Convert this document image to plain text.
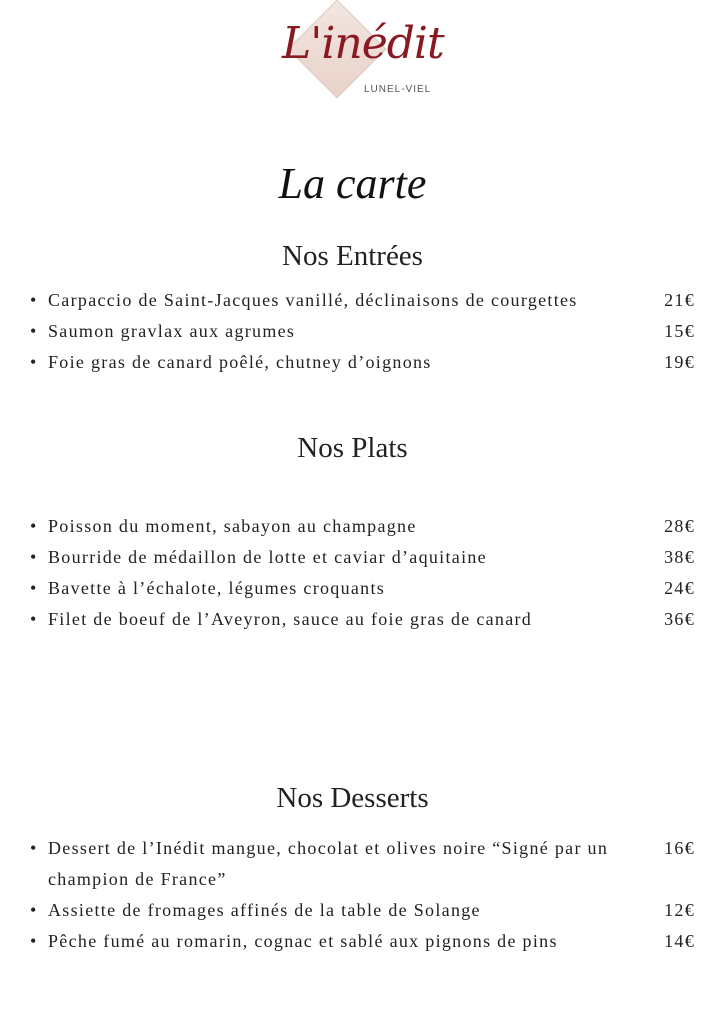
L'inédit
LUNEL-VIEL
La carte
Nos Entrées
• Carpaccio de Saint-Jacques vanillé, déclinaisons de courgettes	21€
• Saumon gravlax aux agrumes	15€
• Foie gras de canard poêlé, chutney d’oignons	19€
Nos Plats
• Poisson du moment, sabayon au champagne	28€
• Bourride de médaillon de lotte et caviar d’aquitaine	38€
• Bavette à l’échalote, légumes croquants	24€
• Filet de boeuf de l’Aveyron, sauce au foie gras de canard	36€
Nos Desserts
• Dessert de l’Inédit mangue, chocolat et olives noire “Signé par un champion de France”
16€
• Assiette de fromages affinés de la table de Solange	12€
• Pêche fumé au romarin, cognac et sablé aux pignons de pins	14€
